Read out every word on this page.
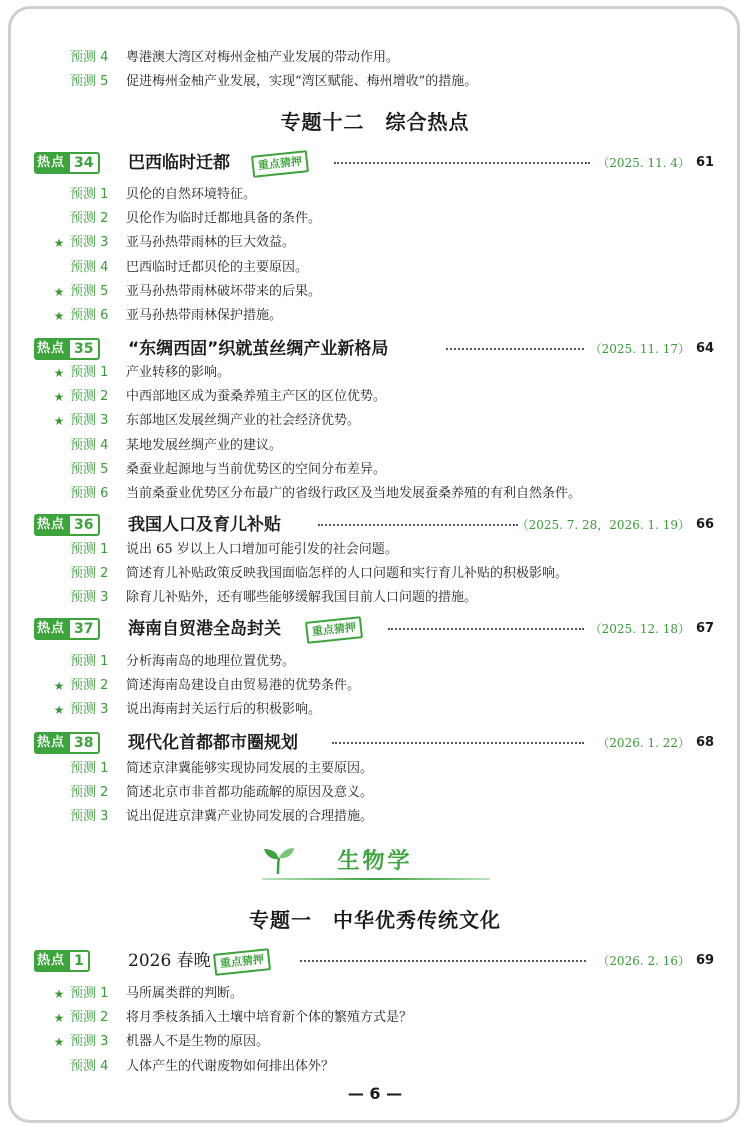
预测 4	粤港澳大湾区对梅州金柚产业发展的带动作用。
预测 5	促进梅州金柚产业发展，实现“湾区赋能、梅州增收”的措施。
专题十二　综合热点
热点 34	巴西临时迁都	重点猜押	（2025. 11. 4） 61
预测 1	贝伦的自然环境特征。
预测 2	贝伦作为临时迁都地具备的条件。
★ 预测 3	亚马孙热带雨林的巨大效益。
预测 4	巴西临时迁都贝伦的主要原因。
★ 预测 5	亚马孙热带雨林破坏带来的后果。
★ 预测 6	亚马孙热带雨林保护措施。
热点 35	“东绸西固”织就茧丝绸产业新格局	（2025. 11. 17） 64
★ 预测 1	产业转移的影响。
★ 预测 2	中西部地区成为蚕桑养殖主产区的区位优势。
★ 预测 3	东部地区发展丝绸产业的社会经济优势。
预测 4	某地发展丝绸产业的建议。
预测 5	桑蚕业起源地与当前优势区的空间分布差异。
预测 6	当前桑蚕业优势区分布最广的省级行政区及当地发展蚕桑养殖的有利自然条件。
热点 36	我国人口及育儿补贴	（2025. 7. 28，2026. 1. 19） 66
预测 1	说出 65 岁以上人口增加可能引发的社会问题。
预测 2	简述育儿补贴政策反映我国面临怎样的人口问题和实行育儿补贴的积极影响。
预测 3	除育儿补贴外，还有哪些能够缓解我国目前人口问题的措施。
热点 37	海南自贸港全岛封关	重点猜押	（2025. 12. 18） 67
预测 1	分析海南岛的地理位置优势。
★ 预测 2	简述海南岛建设自由贸易港的优势条件。
★ 预测 3	说出海南封关运行后的积极影响。
热点 38	现代化首都都市圈规划	（2026. 1. 22） 68
预测 1	简述京津冀能够实现协同发展的主要原因。
预测 2	简述北京市非首都功能疏解的原因及意义。
预测 3	说出促进京津冀产业协同发展的合理措施。
生物学
专题一　中华优秀传统文化
热点 1	2026 春晚 重点猜押	（2026. 2. 16） 69
★ 预测 1	马所属类群的判断。
★ 预测 2	将月季枝条插入土壤中培育新个体的繁殖方式是？
★ 预测 3	机器人不是生物的原因。
预测 4	人体产生的代谢废物如何排出体外？
— 6 —
